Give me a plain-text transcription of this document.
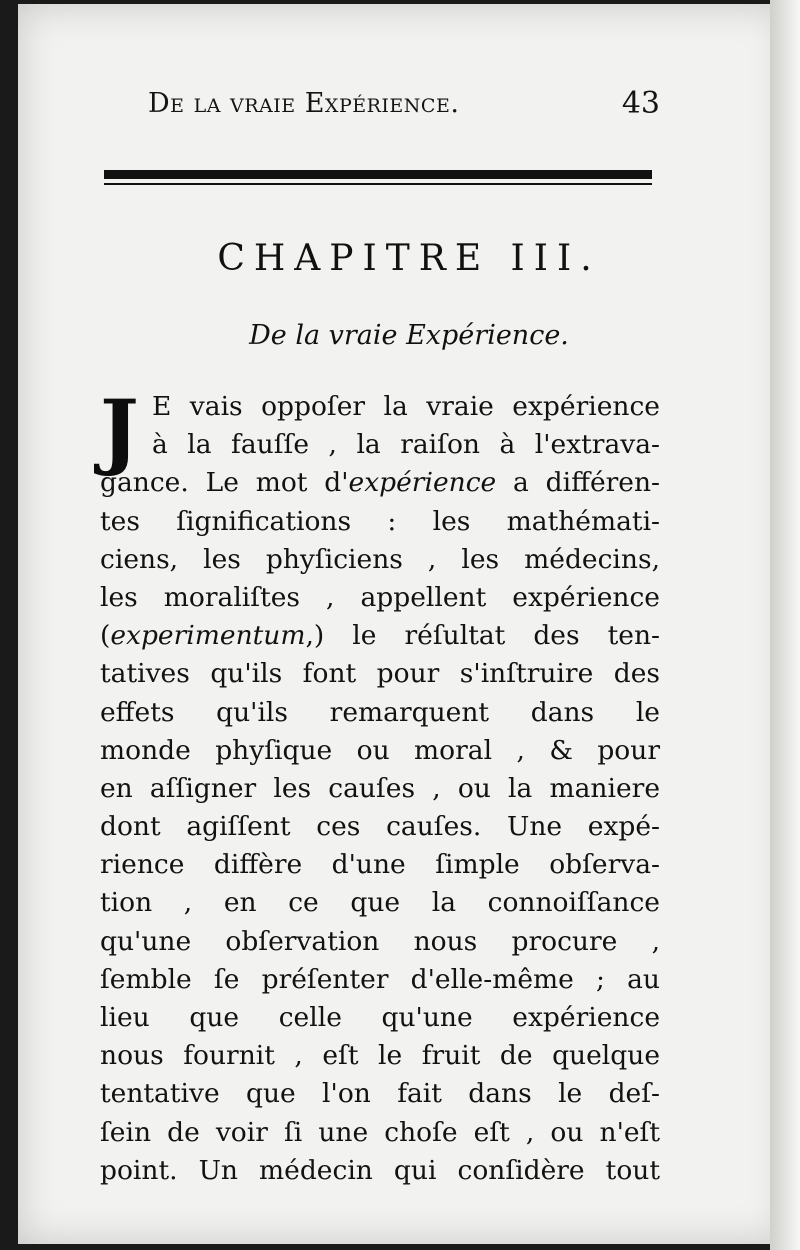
De la vraie Expérience.	43
CHAPITRE III.
De la vraie Expérience.
J E vais oppoſer la vraie expérience
à la fauſſe , la raiſon à l'extrava-
gance. Le mot d'expérience a différen-
tes ſignifications : les mathémati-
ciens, les phyſiciens , les médecins,
les moraliſtes , appellent expérience
(experimentum,) le réſultat des ten-
tatives qu'ils font pour s'inſtruire des
effets qu'ils remarquent dans le
monde phyſique ou moral , & pour
en aſſigner les cauſes , ou la maniere
dont agiſſent ces cauſes. Une expé-
rience diffère d'une ſimple obſerva-
tion , en ce que la connoiſſance
qu'une obſervation nous procure ,
ſemble ſe préſenter d'elle-même ; au
lieu que celle qu'une expérience
nous fournit , eſt le fruit de quelque
tentative que l'on fait dans le deſ-
ſein de voir ſi une choſe eſt , ou n'eſt
point. Un médecin qui conſidère tout
